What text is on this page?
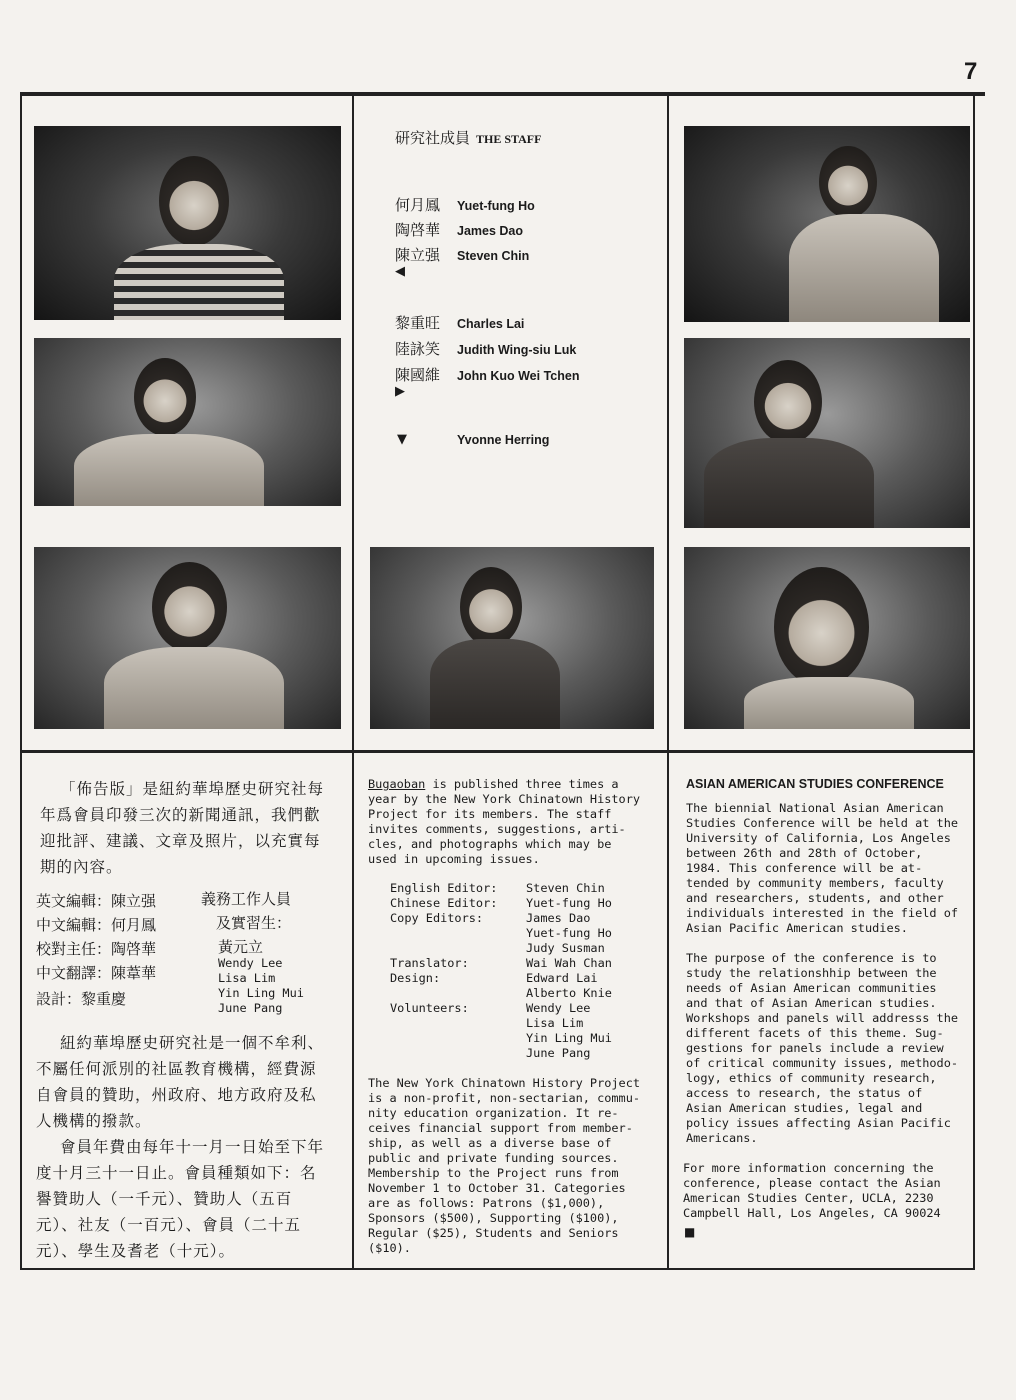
7
研究社成員 THE STAFF
何月鳳 Yuet-fung Ho
陶啓華 James Dao
陳立强 Steven Chin
◀
黎重旺 Charles Lai
陸詠笑 Judith Wing-siu Luk
陳國維 John Kuo Wei Tchen
▶
▼	Yvonne Herring
「佈告版」是紐約華埠歷史研究社每年爲會員印發三次的新聞通訊，我們歡迎批評、建議、文章及照片，以充實每期的內容。
英文編輯：陳立强
中文編輯：何月鳳
校對主任：陶啓華
中文翻譯：陳葦華
設計：黎重慶
義務工作人員
及實習生：
黃元立
Wendy Lee
Lisa Lim
Yin Ling Mui
June Pang
紐約華埠歷史研究社是一個不牟利、不屬任何派別的社區教育機構，經費源自會員的贊助，州政府、地方政府及私人機構的撥款。
會員年費由每年十一月一日始至下年度十月三十一日止。會員種類如下：名譽贊助人（一千元）、贊助人（五百元）、社友（一百元）、會員（二十五元）、學生及耆老（十元）。

Bugaoban is published three times a

year by the New York Chinatown History

Project for its members. The staff

invites comments, suggestions, arti-

cles, and photographs which may be

used in upcoming issues.

English Editor: Steven Chin
Chinese Editor: Yuet-fung Ho
Copy Editors:	James Dao
Yuet-fung Ho
Judy Susman
Translator:	Wai Wah Chan
Design:	Edward Lai
Alberto Knie
Volunteers:	Wendy Lee
Lisa Lim
Yin Ling Mui
June Pang

The New York Chinatown History Project

is a non-profit, non-sectarian, commu-

nity education organization. It re-

ceives financial support from member-

ship, as well as a diverse base of

public and private funding sources.

Membership to the Project runs from

November 1 to October 31. Categories

are as follows: Patrons ($1,000),

Sponsors ($500), Supporting ($100),

Regular ($25), Students and Seniors

($10).

ASIAN AMERICAN STUDIES CONFERENCE

The biennial National Asian American

Studies Conference will be held at the

University of California, Los Angeles

between 26th and 28th of October,

1984. This conference will be at-

tended by community members, faculty

and researchers, students, and other

individuals interested in the field of

Asian Pacific American studies.

The purpose of the conference is to

study the relationshhip between the

needs of Asian American communities

and that of Asian American studies.

Workshops and panels will addresss the

different facets of this theme. Sug-

gestions for panels include a review

of critical community issues, methodo-

logy, ethics of community research,

access to research, the status of

Asian American studies, legal and

policy issues affecting Asian Pacific

Americans.

For more information concerning the

conference, please contact the Asian

American Studies Center, UCLA, 2230

Campbell Hall, Los Angeles, CA 90024

■
